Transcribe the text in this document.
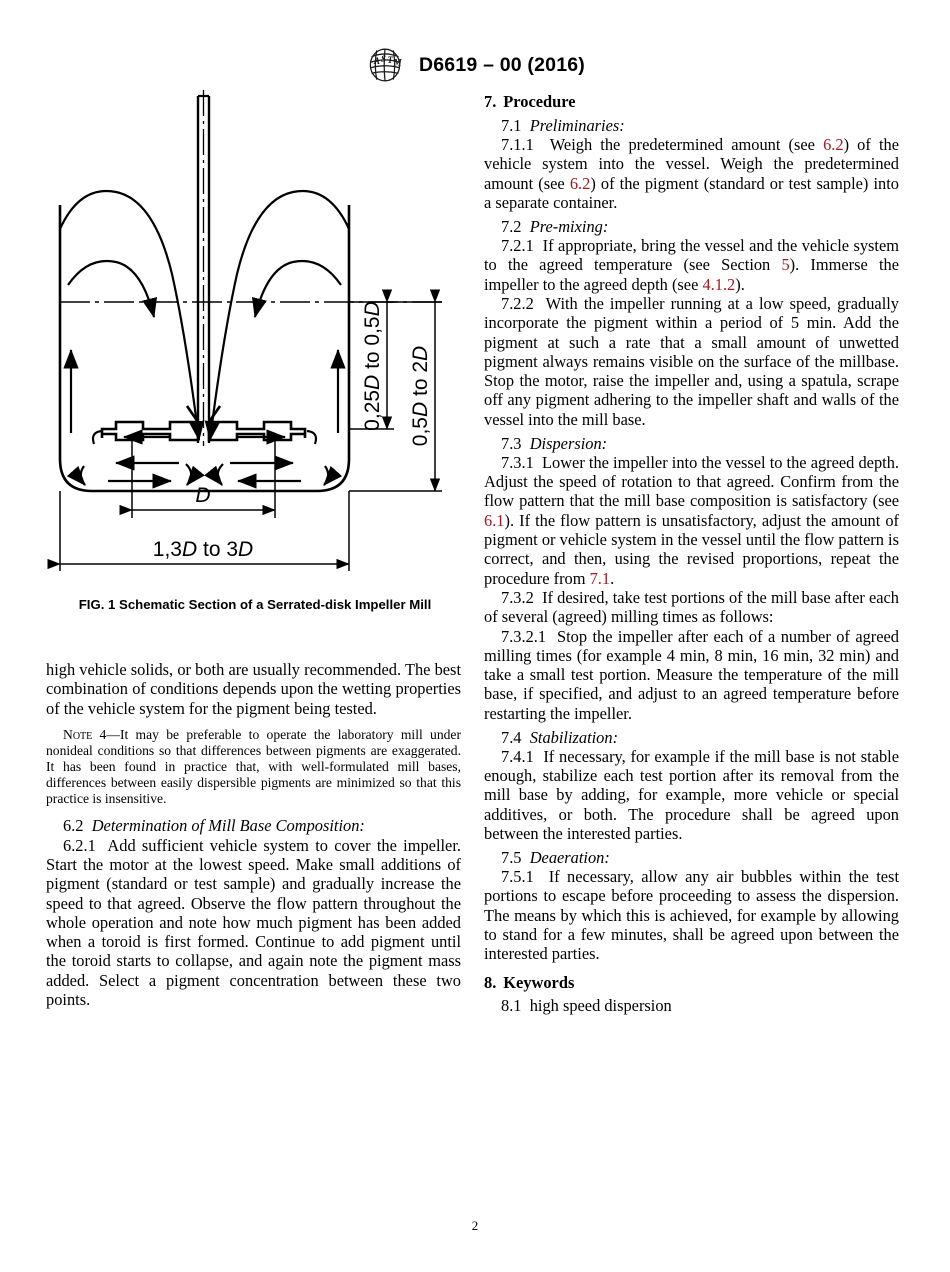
A S T M D6619 – 00 (2016)
D
1,3D to 3D
0,25D to 0,5D
0,5D to 2D
FIG. 1 Schematic Section of a Serrated-disk Impeller Mill

high vehicle solids, or both are usually recommended. The best combination of conditions depends upon the wetting properties of the vehicle system for the pigment being tested.

Note 4—It may be preferable to operate the laboratory mill under nonideal conditions so that differences between pigments are exaggerated. It has been found in practice that, with well-formulated mill bases, differences between easily dispersible pigments are minimized so that this practice is insensitive.

6.2 Determination of Mill Base Composition:

6.2.1 Add sufficient vehicle system to cover the impeller. Start the motor at the lowest speed. Make small additions of pigment (standard or test sample) and gradually increase the speed to that agreed. Observe the flow pattern throughout the whole operation and note how much pigment has been added when a toroid is first formed. Continue to add pigment until the toroid starts to collapse, and again note the pigment mass added. Select a pigment concentration between these two points.

7. Procedure

7.1 Preliminaries:

7.1.1 Weigh the predetermined amount (see 6.2) of the vehicle system into the vessel. Weigh the predetermined amount (see 6.2) of the pigment (standard or test sample) into a separate container.

7.2 Pre-mixing:

7.2.1 If appropriate, bring the vessel and the vehicle system to the agreed temperature (see Section 5). Immerse the impeller to the agreed depth (see 4.1.2).

7.2.2 With the impeller running at a low speed, gradually incorporate the pigment within a period of 5 min. Add the pigment at such a rate that a small amount of unwetted pigment always remains visible on the surface of the millbase. Stop the motor, raise the impeller and, using a spatula, scrape off any pigment adhering to the impeller shaft and walls of the vessel into the mill base.

7.3 Dispersion:

7.3.1 Lower the impeller into the vessel to the agreed depth. Adjust the speed of rotation to that agreed. Confirm from the flow pattern that the mill base composition is satisfactory (see 6.1). If the flow pattern is unsatisfactory, adjust the amount of pigment or vehicle system in the vessel until the flow pattern is correct, and then, using the revised proportions, repeat the procedure from 7.1.

7.3.2 If desired, take test portions of the mill base after each of several (agreed) milling times as follows:

7.3.2.1 Stop the impeller after each of a number of agreed milling times (for example 4 min, 8 min, 16 min, 32 min) and take a small test portion. Measure the temperature of the mill base, if specified, and adjust to an agreed temperature before restarting the impeller.

7.4 Stabilization:

7.4.1 If necessary, for example if the mill base is not stable enough, stabilize each test portion after its removal from the mill base by adding, for example, more vehicle or special additives, or both. The procedure shall be agreed upon between the interested parties.

7.5 Deaeration:

7.5.1 If necessary, allow any air bubbles within the test portions to escape before proceeding to assess the dispersion. The means by which this is achieved, for example by allowing to stand for a few minutes, shall be agreed upon between the interested parties.

8. Keywords

8.1 high speed dispersion

2
